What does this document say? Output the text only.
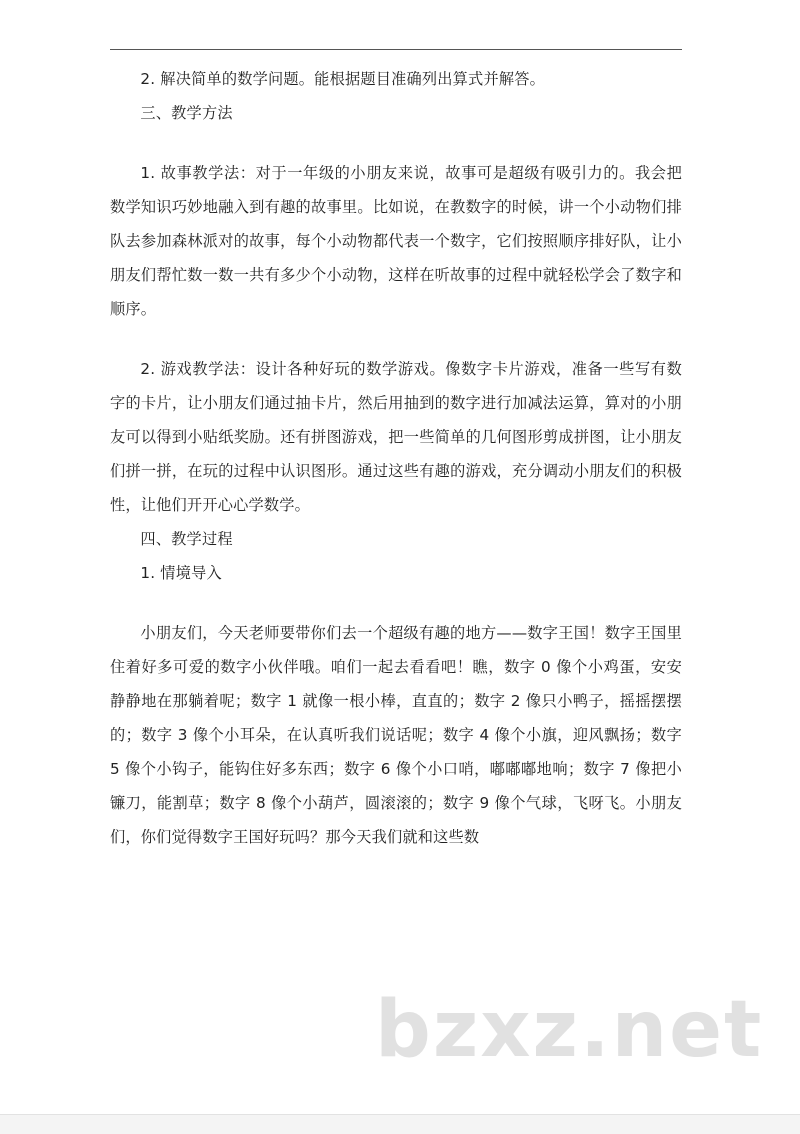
2. 解决简单的数学问题。能根据题目准确列出算式并解答。

三、教学方法

1. 故事教学法：对于一年级的小朋友来说，故事可是超级有吸引力的。我会把数学知识巧妙地融入到有趣的故事里。比如说，在教数字的时候，讲一个小动物们排队去参加森林派对的故事，每个小动物都代表一个数字，它们按照顺序排好队，让小朋友们帮忙数一数一共有多少个小动物，这样在听故事的过程中就轻松学会了数字和顺序。

2. 游戏教学法：设计各种好玩的数学游戏。像数字卡片游戏，准备一些写有数字的卡片，让小朋友们通过抽卡片，然后用抽到的数字进行加减法运算，算对的小朋友可以得到小贴纸奖励。还有拼图游戏，把一些简单的几何图形剪成拼图，让小朋友们拼一拼，在玩的过程中认识图形。通过这些有趣的游戏，充分调动小朋友们的积极性，让他们开开心心学数学。

四、教学过程

1. 情境导入

小朋友们，今天老师要带你们去一个超级有趣的地方——数字王国！数字王国里住着好多可爱的数字小伙伴哦。咱们一起去看看吧！瞧，数字 0 像个小鸡蛋，安安静静地在那躺着呢；数字 1 就像一根小棒，直直的；数字 2 像只小鸭子，摇摇摆摆的；数字 3 像个小耳朵，在认真听我们说话呢；数字 4 像个小旗，迎风飘扬；数字 5 像个小钩子，能钩住好多东西；数字 6 像个小口哨，嘟嘟嘟地响；数字 7 像把小镰刀，能割草；数字 8 像个小葫芦，圆滚滚的；数字 9 像个气球，飞呀飞。小朋友们，你们觉得数字王国好玩吗？那今天我们就和这些数

bzxz.net
